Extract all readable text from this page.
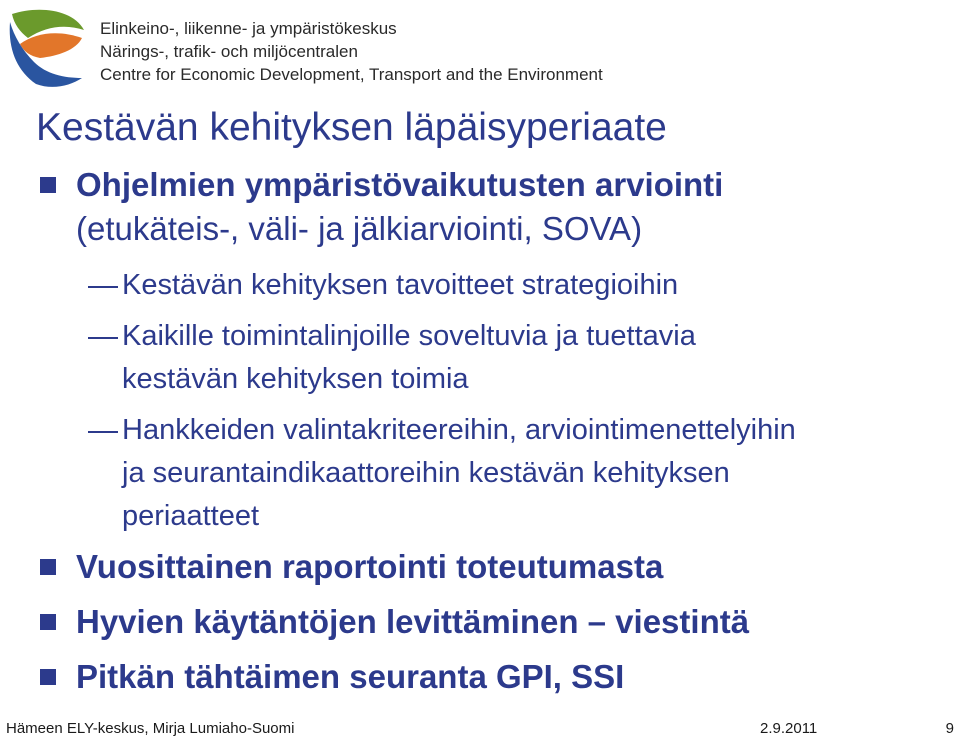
Elinkeino-, liikenne- ja ympäristökeskus
Närings-, trafik- och miljöcentralen
Centre for Economic Development, Transport and the Environment
Kestävän kehityksen läpäisyperiaate
Ohjelmien ympäristövaikutusten arviointi
(etukäteis-, väli- ja jälkiarviointi, SOVA)
Kestävän kehityksen tavoitteet strategioihin
Kaikille toimintalinjoille soveltuvia ja tuettavia
kestävän kehityksen toimia
Hankkeiden valintakriteereihin, arviointimenettelyihin
ja seurantaindikaattoreihin kestävän kehityksen
periaatteet
Vuosittainen raportointi toteutumasta
Hyvien käytäntöjen levittäminen – viestintä
Pitkän tähtäimen seuranta GPI, SSI
Hämeen ELY-keskus, Mirja Lumiaho-Suomi	2.9.2011	9
